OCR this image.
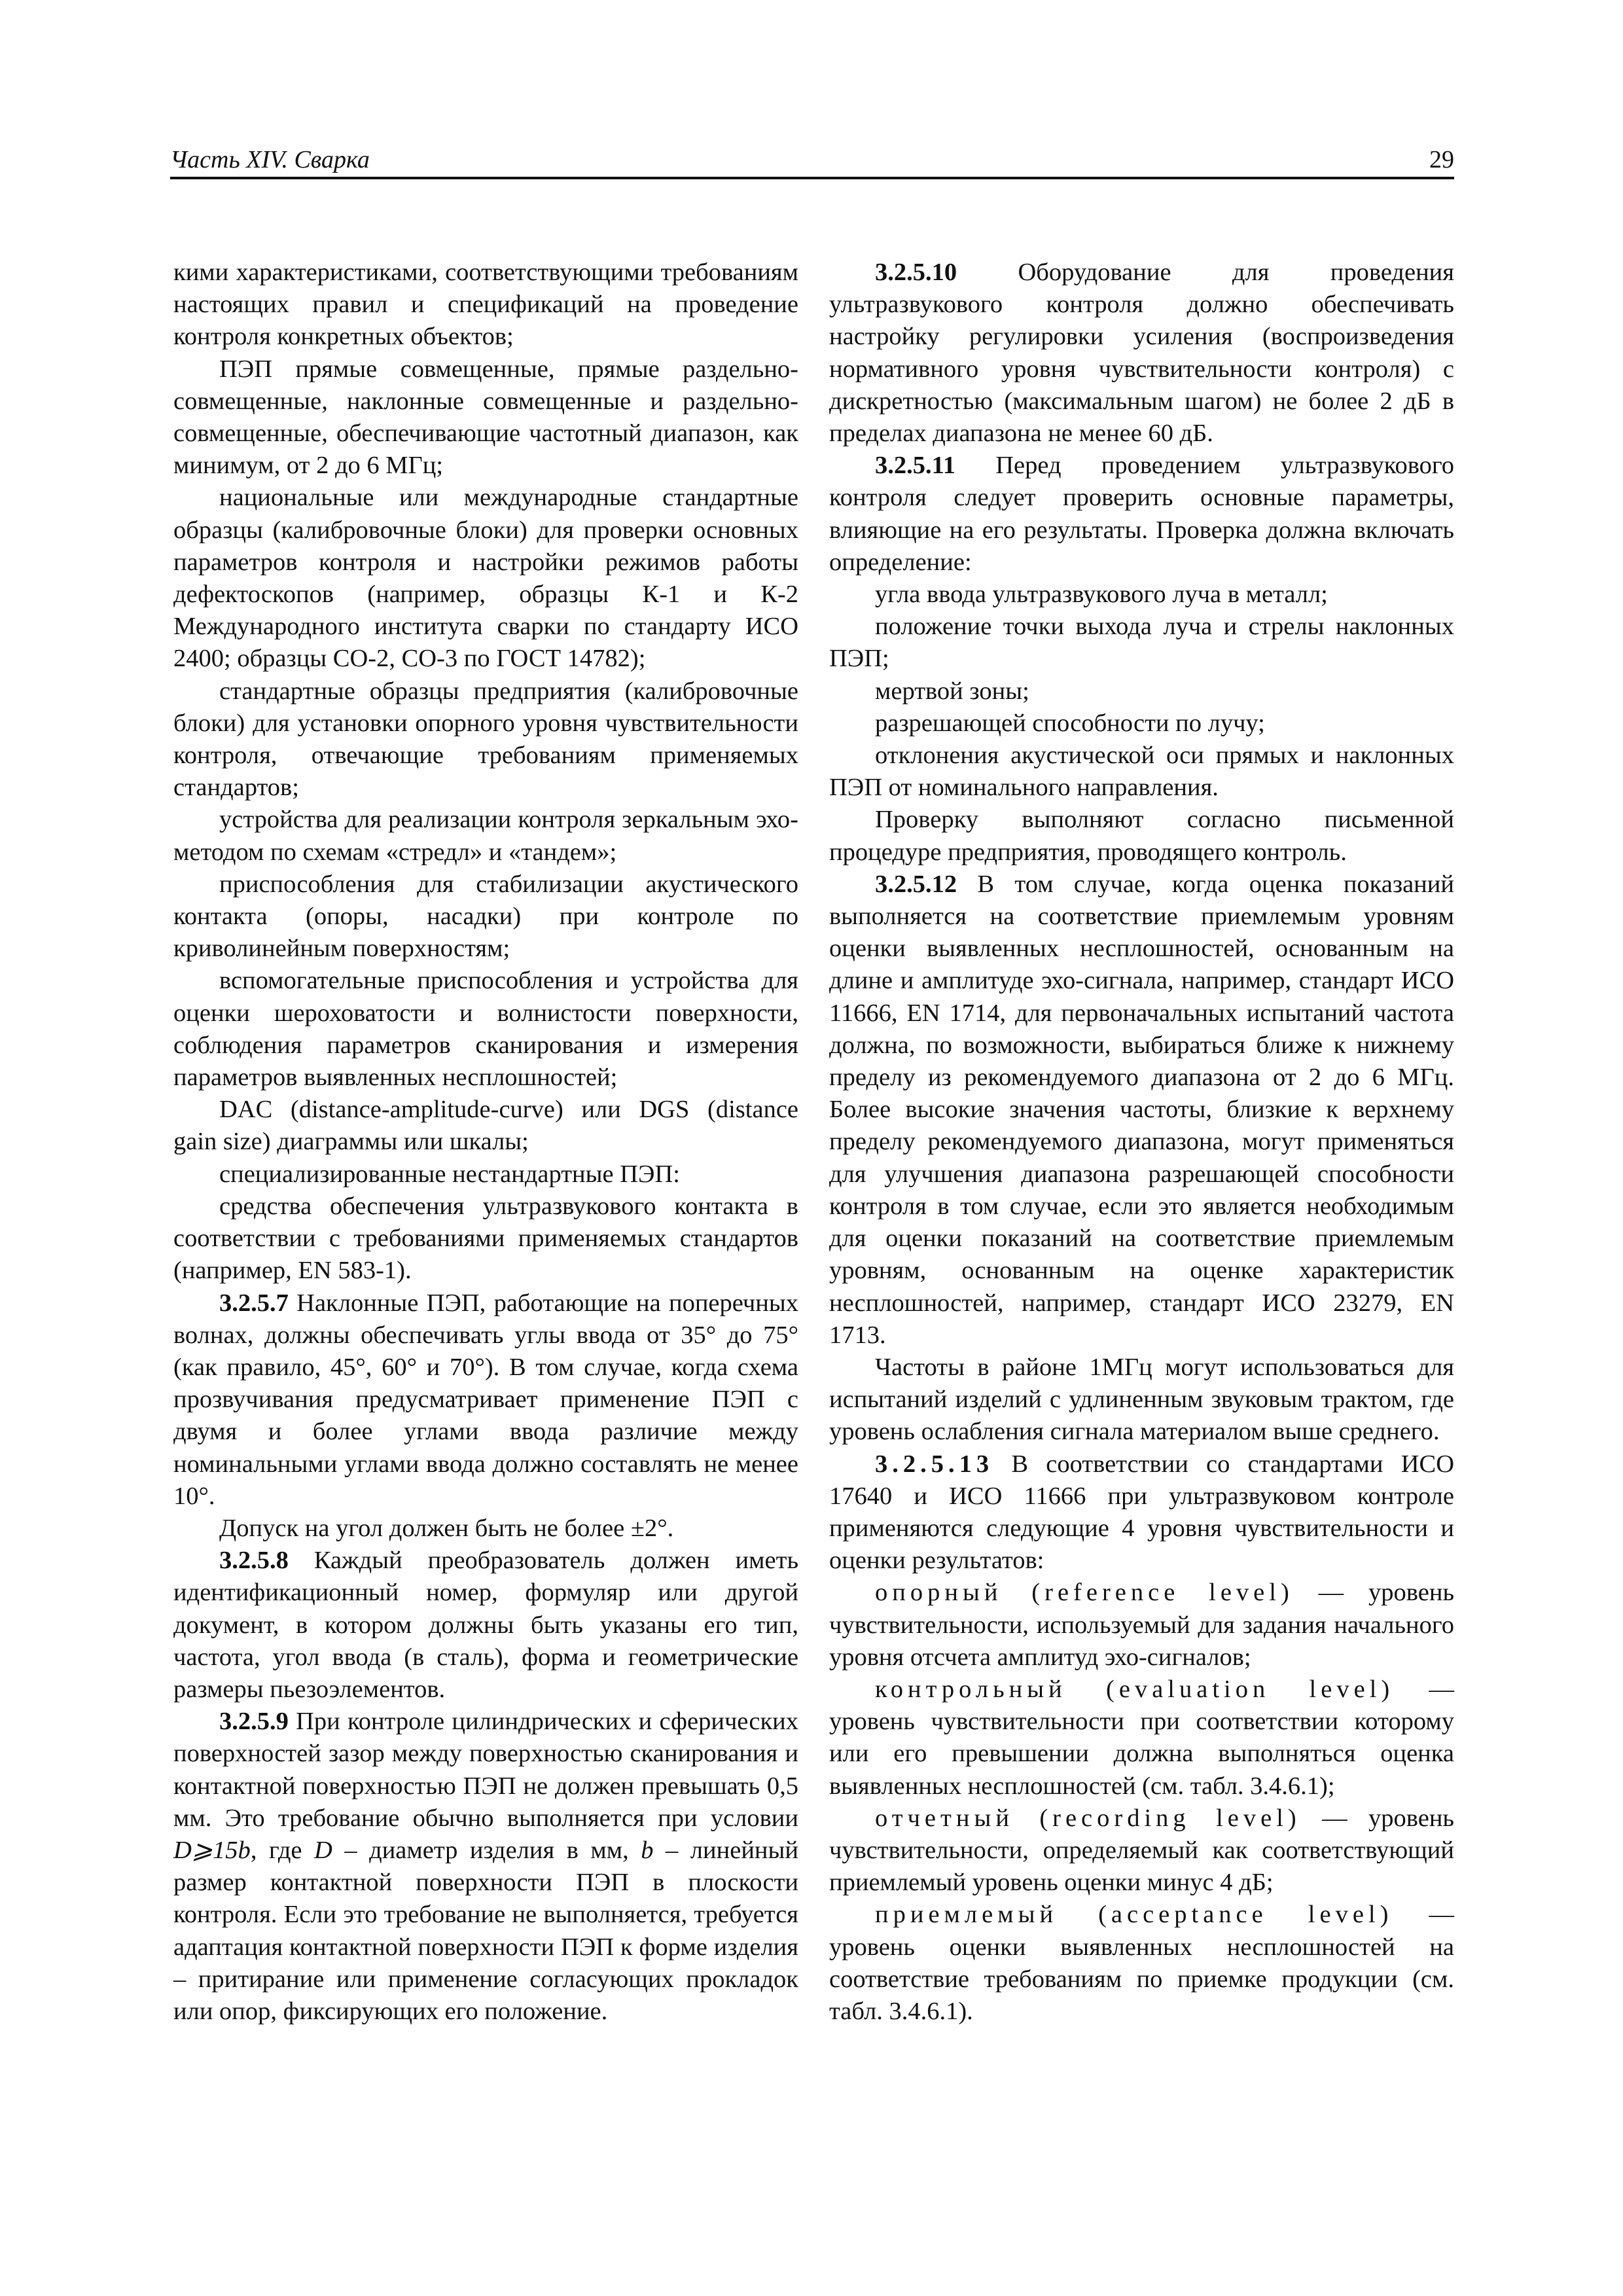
Часть XIV. Сварка	29

кими характеристиками, соответствующими требованиям настоящих правил и спецификаций на проведение контроля конкретных объектов;

ПЭП прямые совмещенные, прямые раздельно-совмещенные, наклонные совмещенные и раздельно-совмещенные, обеспечивающие частотный диапазон, как минимум, от 2 до 6 МГц;

национальные или международные стандартные образцы (калибровочные блоки) для проверки основных параметров контроля и настройки режимов работы дефектоскопов (например, образцы К-1 и К-2 Международного института сварки по стандарту ИСО 2400; образцы СО-2, СО-3 по ГОСТ 14782);

стандартные образцы предприятия (калибровочные блоки) для установки опорного уровня чувствительности контроля, отвечающие требованиям применяемых стандартов;

устройства для реализации контроля зеркальным эхо-методом по схемам «стредл» и «тандем»;

приспособления для стабилизации акустического контакта (опоры, насадки) при контроле по криволинейным поверхностям;

вспомогательные приспособления и устройства для оценки шероховатости и волнистости поверхности, соблюдения параметров сканирования и измерения параметров выявленных несплошностей;

DAC (distance-amplitude-curve) или DGS (distance gain size) диаграммы или шкалы;

специализированные нестандартные ПЭП:

средства обеспечения ультразвукового контакта в соответствии с требованиями применяемых стандартов (например, EN 583-1).

3.2.5.7 Наклонные ПЭП, работающие на поперечных волнах, должны обеспечивать углы ввода от 35° до 75° (как правило, 45°, 60° и 70°). В том случае, когда схема прозвучивания предусматривает применение ПЭП с двумя и более углами ввода различие между номинальными углами ввода должно составлять не менее 10°.

Допуск на угол должен быть не более ±2°.

3.2.5.8 Каждый преобразователь должен иметь идентификационный номер, формуляр или другой документ, в котором должны быть указаны его тип, частота, угол ввода (в сталь), форма и геометрические размеры пьезоэлементов.

3.2.5.9 При контроле цилиндрических и сферических поверхностей зазор между поверхностью сканирования и контактной поверхностью ПЭП не должен превышать 0,5 мм. Это требование обычно выполняется при условии D⩾15b, где D – диаметр изделия в мм, b – линейный размер контактной поверхности ПЭП в плоскости контроля. Если это требование не выполняется, требуется адаптация контактной поверхности ПЭП к форме изделия – притирание или применение согласующих прокладок или опор, фиксирующих его положение.

3.2.5.10 Оборудование для проведения ультразвукового контроля должно обеспечивать настройку регулировки усиления (воспроизведения нормативного уровня чувствительности контроля) с дискретностью (максимальным шагом) не более 2 дБ в пределах диапазона не менее 60 дБ.

3.2.5.11 Перед проведением ультразвукового контроля следует проверить основные параметры, влияющие на его результаты. Проверка должна включать определение:

угла ввода ультразвукового луча в металл;

положение точки выхода луча и стрелы наклонных ПЭП;

мертвой зоны;

разрешающей способности по лучу;

отклонения акустической оси прямых и наклонных ПЭП от номинального направления.

Проверку выполняют согласно письменной процедуре предприятия, проводящего контроль.

3.2.5.12 В том случае, когда оценка показаний выполняется на соответствие приемлемым уровням оценки выявленных несплошностей, основанным на длине и амплитуде эхо-сигнала, например, стандарт ИСО 11666, EN 1714, для первоначальных испытаний частота должна, по возможности, выбираться ближе к нижнему пределу из рекомендуемого диапазона от 2 до 6 МГц. Более высокие значения частоты, близкие к верхнему пределу рекомендуемого диапазона, могут применяться для улучшения диапазона разрешающей способности контроля в том случае, если это является необходимым для оценки показаний на соответствие приемлемым уровням, основанным на оценке характеристик несплошностей, например, стандарт ИСО 23279, EN 1713.

Частоты в районе 1МГц могут использоваться для испытаний изделий с удлиненным звуковым трактом, где уровень ослабления сигнала материалом выше среднего.

3.2.5.13 В соответствии со стандартами ИСО 17640 и ИСО 11666 при ультразвуковом контроле применяются следующие 4 уровня чувствительности и оценки результатов:

опорный (reference level) — уровень чувствительности, используемый для задания начального уровня отсчета амплитуд эхо-сигналов;

контрольный (evaluation level) — уровень чувствительности при соответствии которому или его превышении должна выполняться оценка выявленных несплошностей (см. табл. 3.4.6.1);

отчетный (recording level) — уровень чувствительности, определяемый как соответствующий приемлемый уровень оценки минус 4 дБ;

приемлемый (acceptance level) — уровень оценки выявленных несплошностей на соответствие требованиям по приемке продукции (см. табл. 3.4.6.1).
